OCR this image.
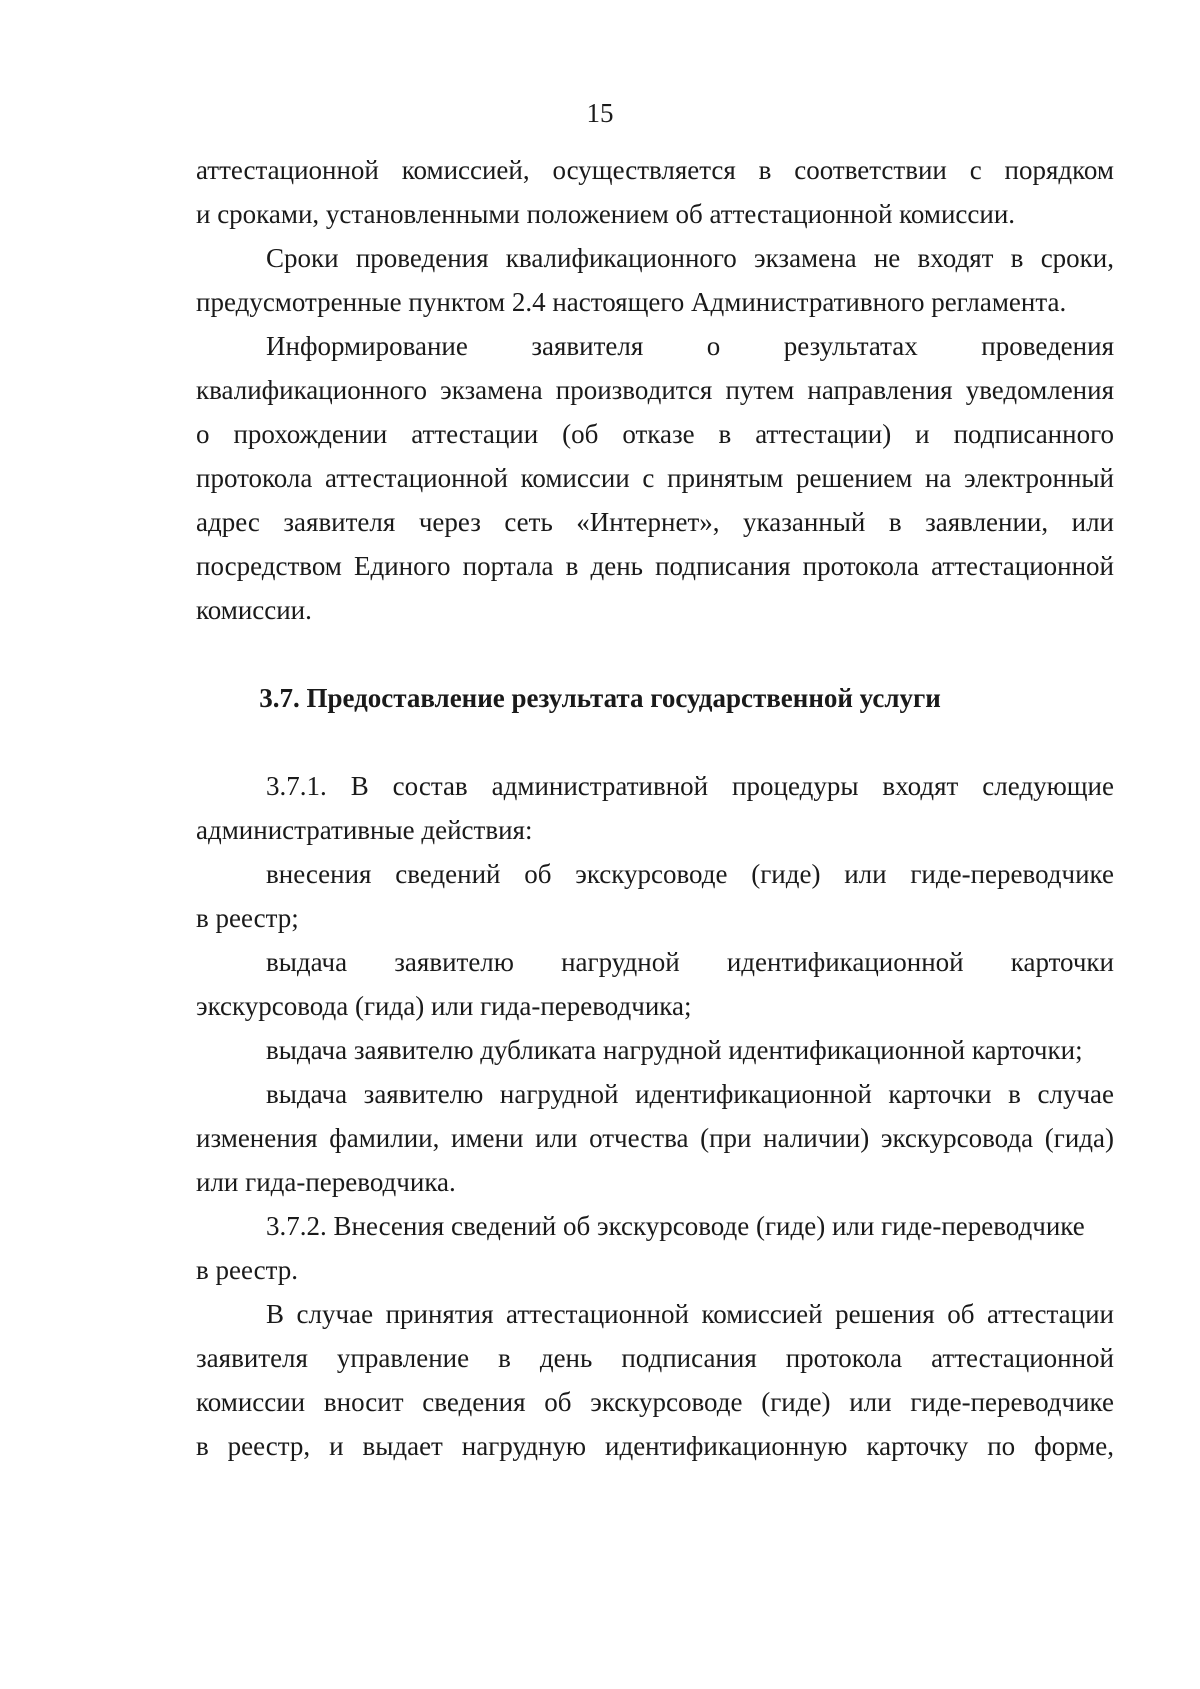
15
аттестационной комиссией, осуществляется в соответствии с порядком
и сроками, установленными положением об аттестационной комиссии.
Сроки проведения квалификационного экзамена не входят в сроки,
предусмотренные пунктом 2.4 настоящего Административного регламента.
Информирование заявителя о результатах проведения
квалификационного экзамена производится путем направления уведомления
о прохождении аттестации (об отказе в аттестации) и подписанного
протокола аттестационной комиссии с принятым решением на электронный
адрес заявителя через сеть «Интернет», указанный в заявлении, или
посредством Единого портала в день подписания протокола аттестационной
комиссии.
3.7. Предоставление результата государственной услуги
3.7.1. В состав административной процедуры входят следующие
административные действия:
внесения сведений об экскурсоводе (гиде) или гиде-переводчике
в реестр;
выдача заявителю нагрудной идентификационной карточки
экскурсовода (гида) или гида-переводчика;
выдача заявителю дубликата нагрудной идентификационной карточки;
выдача заявителю нагрудной идентификационной карточки в случае
изменения фамилии, имени или отчества (при наличии) экскурсовода (гида)
или гида-переводчика.
3.7.2. Внесения сведений об экскурсоводе (гиде) или гиде-переводчике
в реестр.
В случае принятия аттестационной комиссией решения об аттестации
заявителя управление в день подписания протокола аттестационной
комиссии вносит сведения об экскурсоводе (гиде) или гиде-переводчике
в реестр, и выдает нагрудную идентификационную карточку по форме,
